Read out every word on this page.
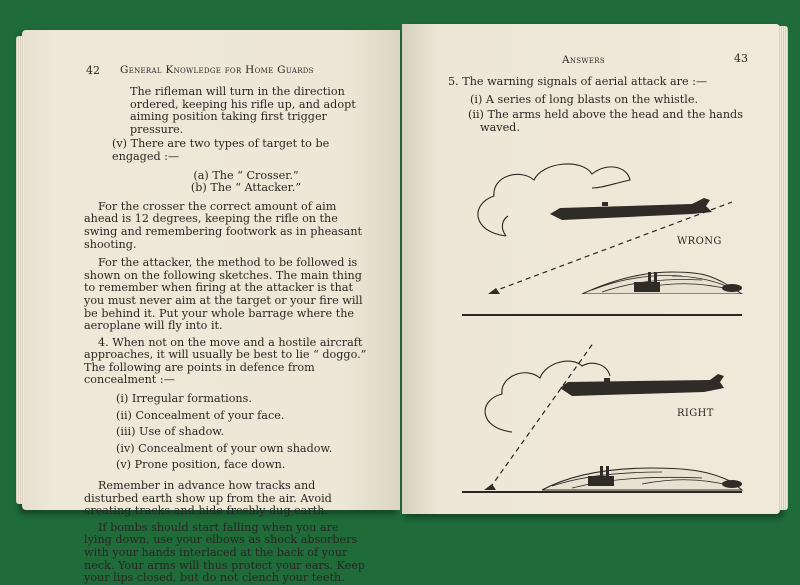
42 General Knowledge for Home Guards

The rifleman will turn in the direction ordered, keeping his rifle up, and adopt aiming position taking first trigger pressure.

(v) There are two types of target to be engaged :—

(a) The “ Crosser.”

(b) The “ Attacker.”

For the crosser the correct amount of aim ahead is 12 degrees, keeping the rifle on the swing and remembering footwork as in pheasant shooting.

For the attacker, the method to be followed is shown on the following sketches. The main thing to remember when firing at the attacker is that you must never aim at the target or your fire will be behind it. Put your whole barrage where the aeroplane will fly into it.

4. When not on the move and a hostile aircraft approaches, it will usually be best to lie “ doggo.” The following are points in defence from concealment :—

(i) Irregular formations.

(ii) Concealment of your face.

(iii) Use of shadow.

(iv) Concealment of your own shadow.

(v) Prone position, face down.

Remember in advance how tracks and disturbed earth show up from the air. Avoid creating tracks and hide freshly dug earth.

If bombs should start falling when you are lying down, use your elbows as shock absorbers with your hands interlaced at the back of your neck. Your arms will thus protect your ears. Keep your lips closed, but do not clench your teeth.

Answers	43

5. The warning signals of aerial attack are :—

(i) A series of long blasts on the whistle.

(ii) The arms held above the head and the hands waved.

WRONG
RIGHT
